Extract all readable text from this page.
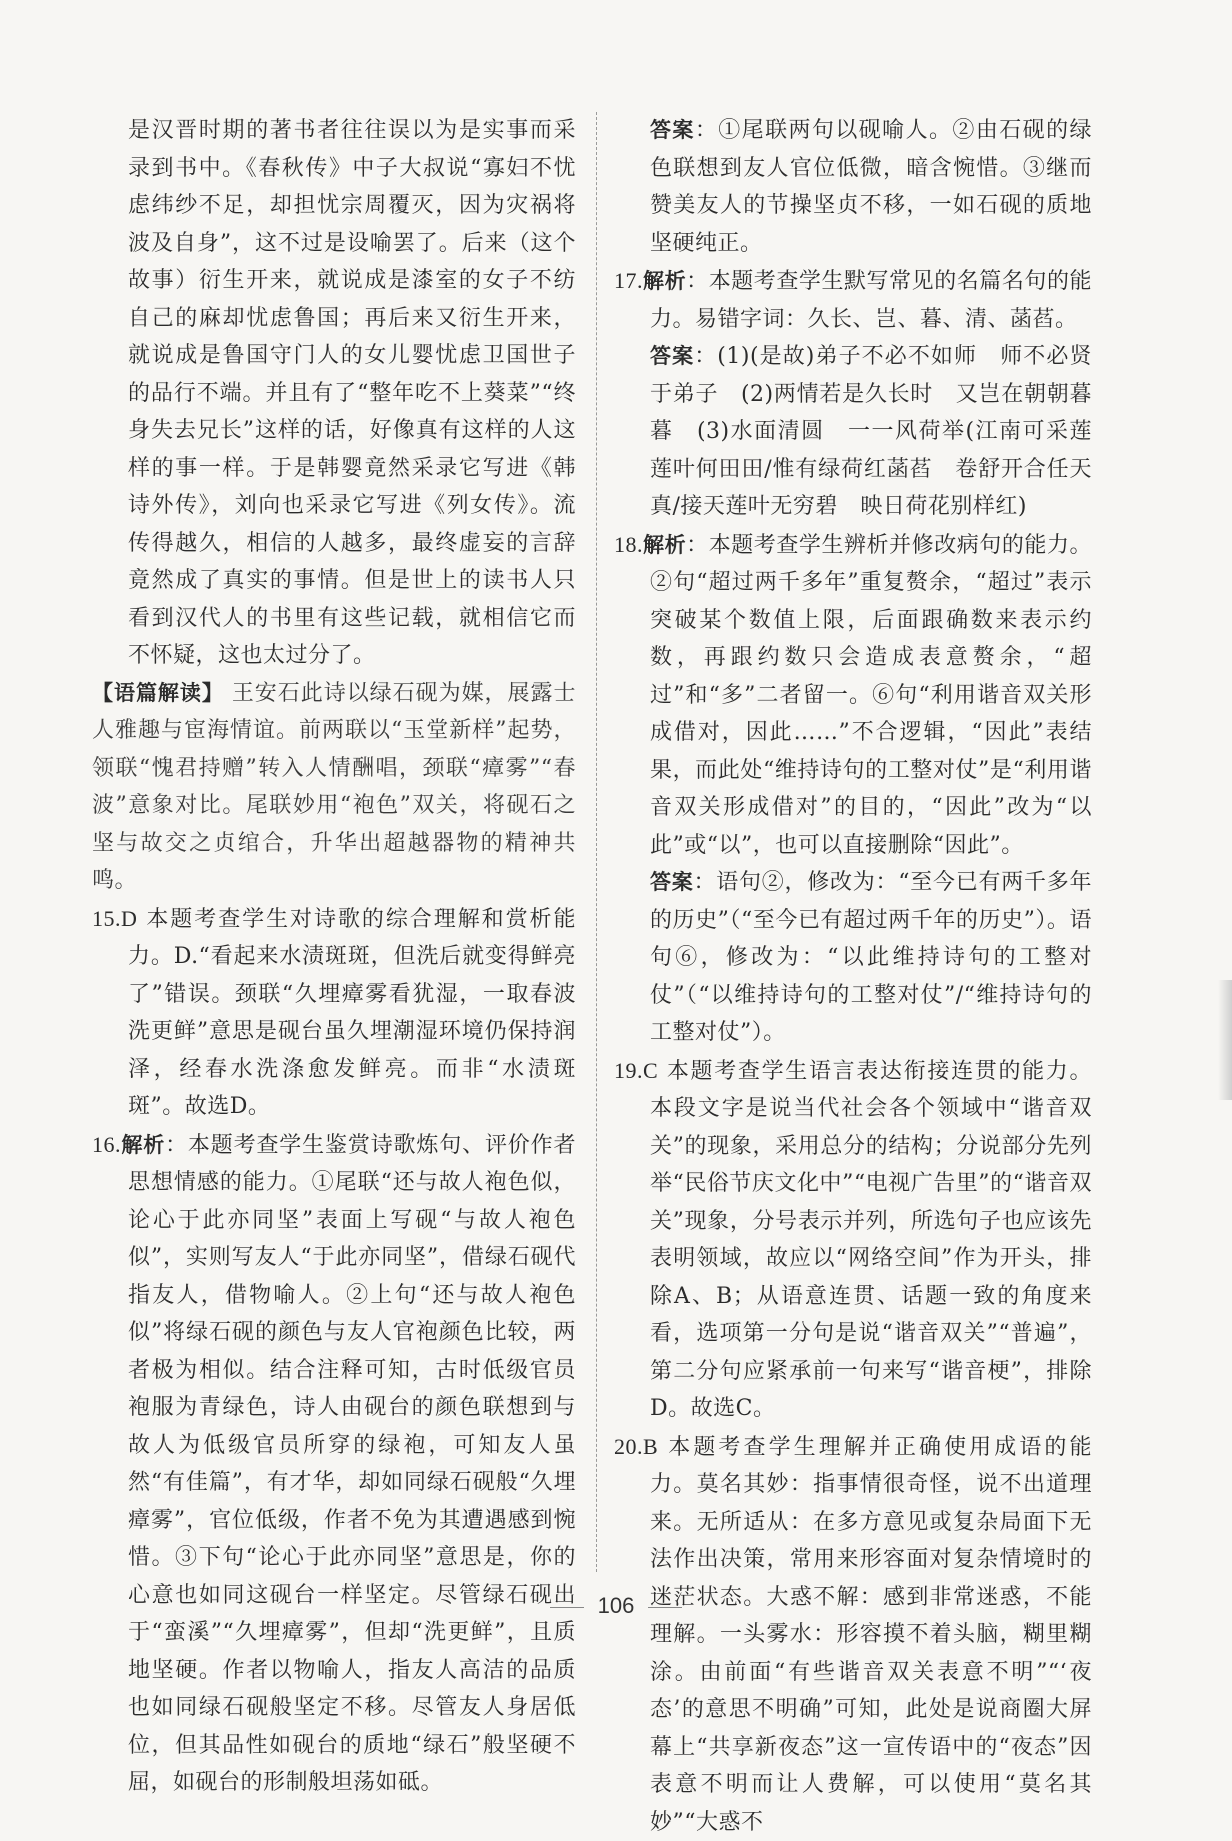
是汉晋时期的著书者往往误以为是实事而采录到书中。《春秋传》中子大叔说“寡妇不忧虑纬纱不足，却担忧宗周覆灭，因为灾祸将波及自身”，这不过是设喻罢了。后来（这个故事）衍生开来，就说成是漆室的女子不纺自己的麻却忧虑鲁国；再后来又衍生开来，就说成是鲁国守门人的女儿婴忧虑卫国世子的品行不端。并且有了“整年吃不上葵菜”“终身失去兄长”这样的话，好像真有这样的人这样的事一样。于是韩婴竟然采录它写进《韩诗外传》，刘向也采录它写进《列女传》。流传得越久，相信的人越多，最终虚妄的言辞竟然成了真实的事情。但是世上的读书人只看到汉代人的书里有这些记载，就相信它而不怀疑，这也太过分了。

【语篇解读】 王安石此诗以绿石砚为媒，展露士人雅趣与宦海情谊。前两联以“玉堂新样”起势，领联“愧君持赠”转入人情酬唱，颈联“瘴雾”“春波”意象对比。尾联妙用“袍色”双关，将砚石之坚与故交之贞绾合，升华出超越器物的精神共鸣。

15.D 本题考查学生对诗歌的综合理解和赏析能力。D.“看起来水渍斑斑，但洗后就变得鲜亮了”错误。颈联“久埋瘴雾看犹湿，一取春波洗更鲜”意思是砚台虽久埋潮湿环境仍保持润泽，经春水洗涤愈发鲜亮。而非“水渍斑斑”。故选D。

16.解析：本题考查学生鉴赏诗歌炼句、评价作者思想情感的能力。①尾联“还与故人袍色似，论心于此亦同坚”表面上写砚“与故人袍色似”，实则写友人“于此亦同坚”，借绿石砚代指友人，借物喻人。②上句“还与故人袍色似”将绿石砚的颜色与友人官袍颜色比较，两者极为相似。结合注释可知，古时低级官员袍服为青绿色，诗人由砚台的颜色联想到与故人为低级官员所穿的绿袍，可知友人虽然“有佳篇”，有才华，却如同绿石砚般“久埋瘴雾”，官位低级，作者不免为其遭遇感到惋惜。③下句“论心于此亦同坚”意思是，你的心意也如同这砚台一样坚定。尽管绿石砚出于“蛮溪”“久埋瘴雾”，但却“洗更鲜”，且质地坚硬。作者以物喻人，指友人高洁的品质也如同绿石砚般坚定不移。尽管友人身居低位，但其品性如砚台的质地“绿石”般坚硬不屈，如砚台的形制般坦荡如砥。

答案：①尾联两句以砚喻人。②由石砚的绿色联想到友人官位低微，暗含惋惜。③继而赞美友人的节操坚贞不移，一如石砚的质地坚硬纯正。

17.解析：本题考查学生默写常见的名篇名句的能力。易错字词：久长、岂、暮、清、菡萏。

答案：(1)(是故)弟子不必不如师　师不必贤于弟子　(2)两情若是久长时　又岂在朝朝暮暮　(3)水面清圆　一一风荷举(江南可采莲　莲叶何田田/惟有绿荷红菡萏　卷舒开合任天真/接天莲叶无穷碧　映日荷花别样红)

18.解析：本题考查学生辨析并修改病句的能力。②句“超过两千多年”重复赘余，“超过”表示突破某个数值上限，后面跟确数来表示约数，再跟约数只会造成表意赘余，“超过”和“多”二者留一。⑥句“利用谐音双关形成借对，因此……”不合逻辑，“因此”表结果，而此处“维持诗句的工整对仗”是“利用谐音双关形成借对”的目的，“因此”改为“以此”或“以”，也可以直接删除“因此”。

答案：语句②，修改为：“至今已有两千多年的历史”（“至今已有超过两千年的历史”）。语句⑥，修改为：“以此维持诗句的工整对仗”（“以维持诗句的工整对仗”/“维持诗句的工整对仗”）。

19.C 本题考查学生语言表达衔接连贯的能力。本段文字是说当代社会各个领域中“谐音双关”的现象，采用总分的结构；分说部分先列举“民俗节庆文化中”“电视广告里”的“谐音双关”现象，分号表示并列，所选句子也应该先表明领域，故应以“网络空间”作为开头，排除A、B；从语意连贯、话题一致的角度来看，选项第一分句是说“谐音双关”“普遍”，第二分句应紧承前一句来写“谐音梗”，排除D。故选C。

20.B 本题考查学生理解并正确使用成语的能力。莫名其妙：指事情很奇怪，说不出道理来。无所适从：在多方意见或复杂局面下无法作出决策，常用来形容面对复杂情境时的迷茫状态。大惑不解：感到非常迷惑，不能理解。一头雾水：形容摸不着头脑，糊里糊涂。由前面“有些谐音双关表意不明”“‘夜态’的意思不明确”可知，此处是说商圈大屏幕上“共享新夜态”这一宣传语中的“夜态”因表意不明而让人费解，可以使用“莫名其妙”“大惑不

106
